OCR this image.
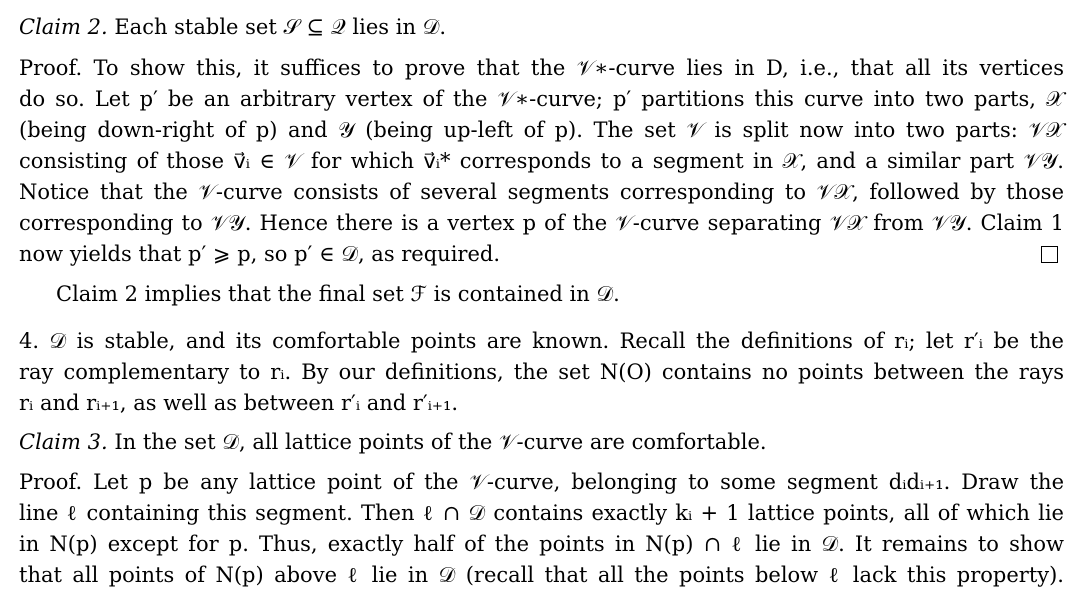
Claim 2. Each stable set 𝒮 ⊆ 𝒬 lies in 𝒟.
Proof. To show this, it suffices to prove that the 𝒱∗-curve lies in D, i.e., that all its vertices
do so. Let p′ be an arbitrary vertex of the 𝒱∗-curve; p′ partitions this curve into two parts, 𝒳
(being down-right of p) and 𝒴 (being up-left of p). The set 𝒱 is split now into two parts: 𝒱𝒳
consisting of those v⃗ᵢ ∈ 𝒱 for which v⃗ᵢ* corresponds to a segment in 𝒳, and a similar part 𝒱𝒴.
Notice that the 𝒱-curve consists of several segments corresponding to 𝒱𝒳, followed by those
corresponding to 𝒱𝒴. Hence there is a vertex p of the 𝒱-curve separating 𝒱𝒳 from 𝒱𝒴. Claim 1
now yields that p′ ⩾ p, so p′ ∈ 𝒟, as required.
Claim 2 implies that the final set ℱ is contained in 𝒟.
4. 𝒟 is stable, and its comfortable points are known. Recall the definitions of rᵢ; let r′ᵢ be the
ray complementary to rᵢ. By our definitions, the set N(O) contains no points between the rays
rᵢ and rᵢ₊₁, as well as between r′ᵢ and r′ᵢ₊₁.
Claim 3. In the set 𝒟, all lattice points of the 𝒱-curve are comfortable.
Proof. Let p be any lattice point of the 𝒱-curve, belonging to some segment dᵢdᵢ₊₁. Draw the
line ℓ containing this segment. Then ℓ ∩ 𝒟 contains exactly kᵢ + 1 lattice points, all of which lie
in N(p) except for p. Thus, exactly half of the points in N(p) ∩ ℓ lie in 𝒟. It remains to show
that all points of N(p) above ℓ lie in 𝒟 (recall that all the points below ℓ lack this property).
